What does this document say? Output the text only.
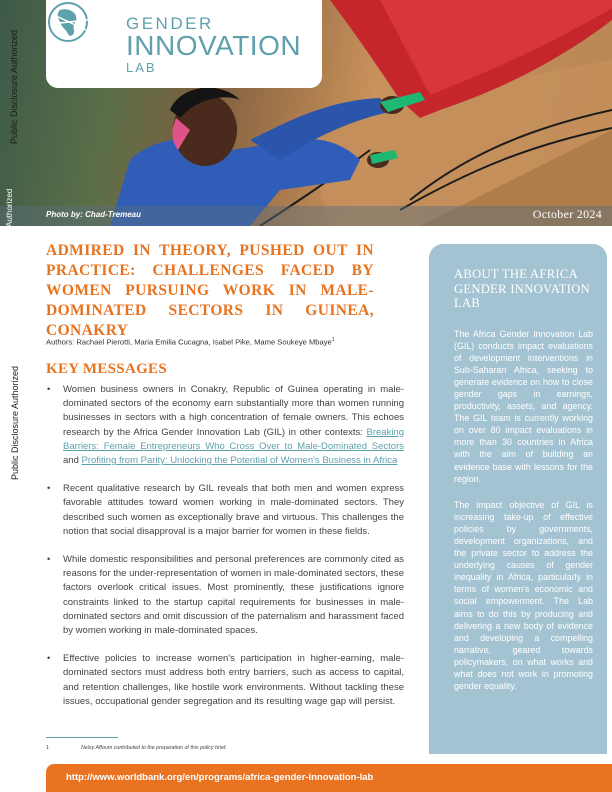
GENDER
INNOVATION
LAB
Photo by: Chad-Tremeau	October 2024
Public Disclosure Authorized
Authorized
Public Disclosure Authorized
ADMIRED IN THEORY, PUSHED OUT IN PRACTICE: CHALLENGES FACED BY WOMEN PURSUING WORK IN MALE-DOMINATED SECTORS IN GUINEA, CONAKRY
Authors: Rachael Pierotti, Maria Emilia Cucagna, Isabel Pike, Mame Soukeye Mbaye$^1$
KEY MESSAGES
• Women business owners in Conakry, Republic of Guinea operating in male-dominated sectors of the economy earn substantially more than women running businesses in sectors with a high concentration of female owners. This echoes research by the Africa Gender Innovation Lab (GIL) in other contexts: Breaking Barriers: Female Entrepreneurs Who Cross Over to Male-Dominated Sectors and Profiting from Parity: Unlocking the Potential of Women's Business in Africa
• Recent qualitative research by GIL reveals that both men and women express favorable attitudes toward women working in male-dominated sectors. They described such women as exceptionally brave and virtuous. This challenges the notion that social disapproval is a major barrier for women in these fields.
• While domestic responsibilities and personal preferences are commonly cited as reasons for the under-representation of women in male-dominated sectors, these factors overlook critical issues. Most prominently, these justifications ignore constraints linked to the startup capital requirements for businesses in male-dominated sectors and omit discussion of the paternalism and harassment faced by women working in male-dominated spaces.
• Effective policies to increase women's participation in higher-earning, male-dominated sectors must address both entry barriers, such as access to capital, and retention challenges, like hostile work environments. Without tackling these issues, occupational gender segregation and its resulting wage gap will persist.
1	Nelsy Affoum contributed to the preparation of this policy brief.
ABOUT THE AFRICA GENDER INNOVATION LAB

The Africa Gender Innovation Lab (GIL) conducts impact evaluations of development interventions in Sub-Saharan Africa, seeking to generate evidence on how to close gender gaps in earnings, productivity, assets, and agency. The GIL team is currently working on over 80 impact evaluations in more than 30 countries in Africa with the aim of building an evidence base with lessons for the region.

The impact objective of GIL is increasing take-up of effective policies by governments, development organizations, and the private sector to address the underlying causes of gender inequality in Africa, particularly in terms of women's economic and social empowerment. The Lab aims to do this by producing and delivering a new body of evidence and developing a compelling narrative, geared towards policymakers, on what works and what does not work in promoting gender equality.

http://www.worldbank.org/en/programs/africa-gender-innovation-lab
